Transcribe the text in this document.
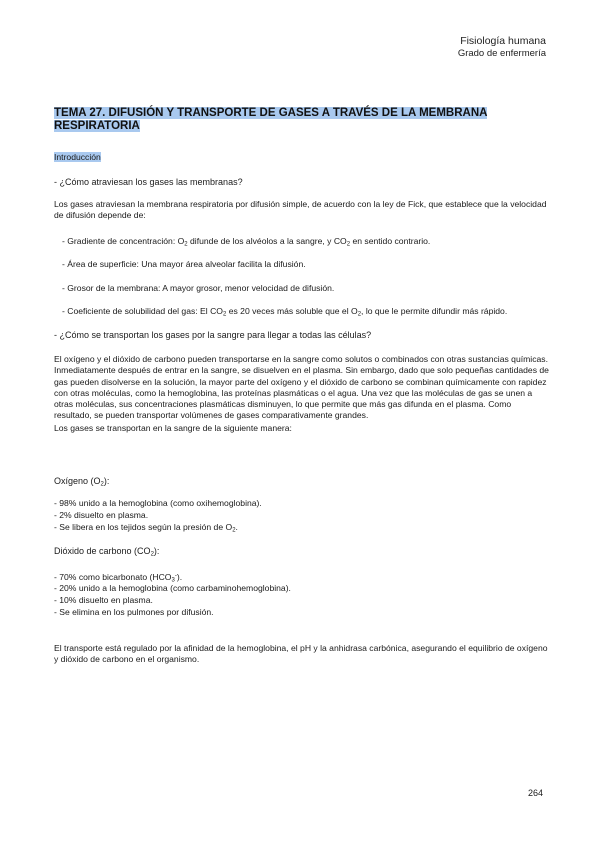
Fisiología humana
Grado de enfermería
TEMA 27. DIFUSIÓN Y TRANSPORTE DE GASES A TRAVÉS DE LA MEMBRANA RESPIRATORIA

Introducción

- ¿Cómo atraviesan los gases las membranas?

Los gases atraviesan la membrana respiratoria por difusión simple, de acuerdo con la ley de Fick, que establece que la velocidad de difusión depende de:

- Gradiente de concentración: $O_2$ difunde de los alvéolos a la sangre, y $CO_2$ en sentido contrario.

- Área de superficie: Una mayor área alveolar facilita la difusión.

- Grosor de la membrana: A mayor grosor, menor velocidad de difusión.

- Coeficiente de solubilidad del gas: El $CO_2$ es 20 veces más soluble que el $O_2$, lo que le permite difundir más rápido.

- ¿Cómo se transportan los gases por la sangre para llegar a todas las células?

El oxígeno y el dióxido de carbono pueden transportarse en la sangre como solutos o combinados con otras sustancias químicas. Inmediatamente después de entrar en la sangre, se disuelven en el plasma. Sin embargo, dado que solo pequeñas cantidades de gas pueden disolverse en la solución, la mayor parte del oxígeno y el dióxido de carbono se combinan químicamente con rapidez con otras moléculas, como la hemoglobina, las proteínas plasmáticas o el agua. Una vez que las moléculas de gas se unen a otras moléculas, sus concentraciones plasmáticas disminuyen, lo que permite que más gas difunda en el plasma. Como resultado, se pueden transportar volúmenes de gases comparativamente grandes.

Los gases se transportan en la sangre de la siguiente manera:

Oxígeno $(O_2)$:

- 98% unido a la hemoglobina (como oxihemoglobina).

- 2% disuelto en plasma.

- Se libera en los tejidos según la presión de $O_2$.

Dióxido de carbono $(CO_2)$:

- 70% como bicarbonato $(HCO_3^-)$.

- 20% unido a la hemoglobina (como carbaminohemoglobina).

- 10% disuelto en plasma.

- Se elimina en los pulmones por difusión.

El transporte está regulado por la afinidad de la hemoglobina, el pH y la anhidrasa carbónica, asegurando el equilibrio de oxígeno y dióxido de carbono en el organismo.

264
